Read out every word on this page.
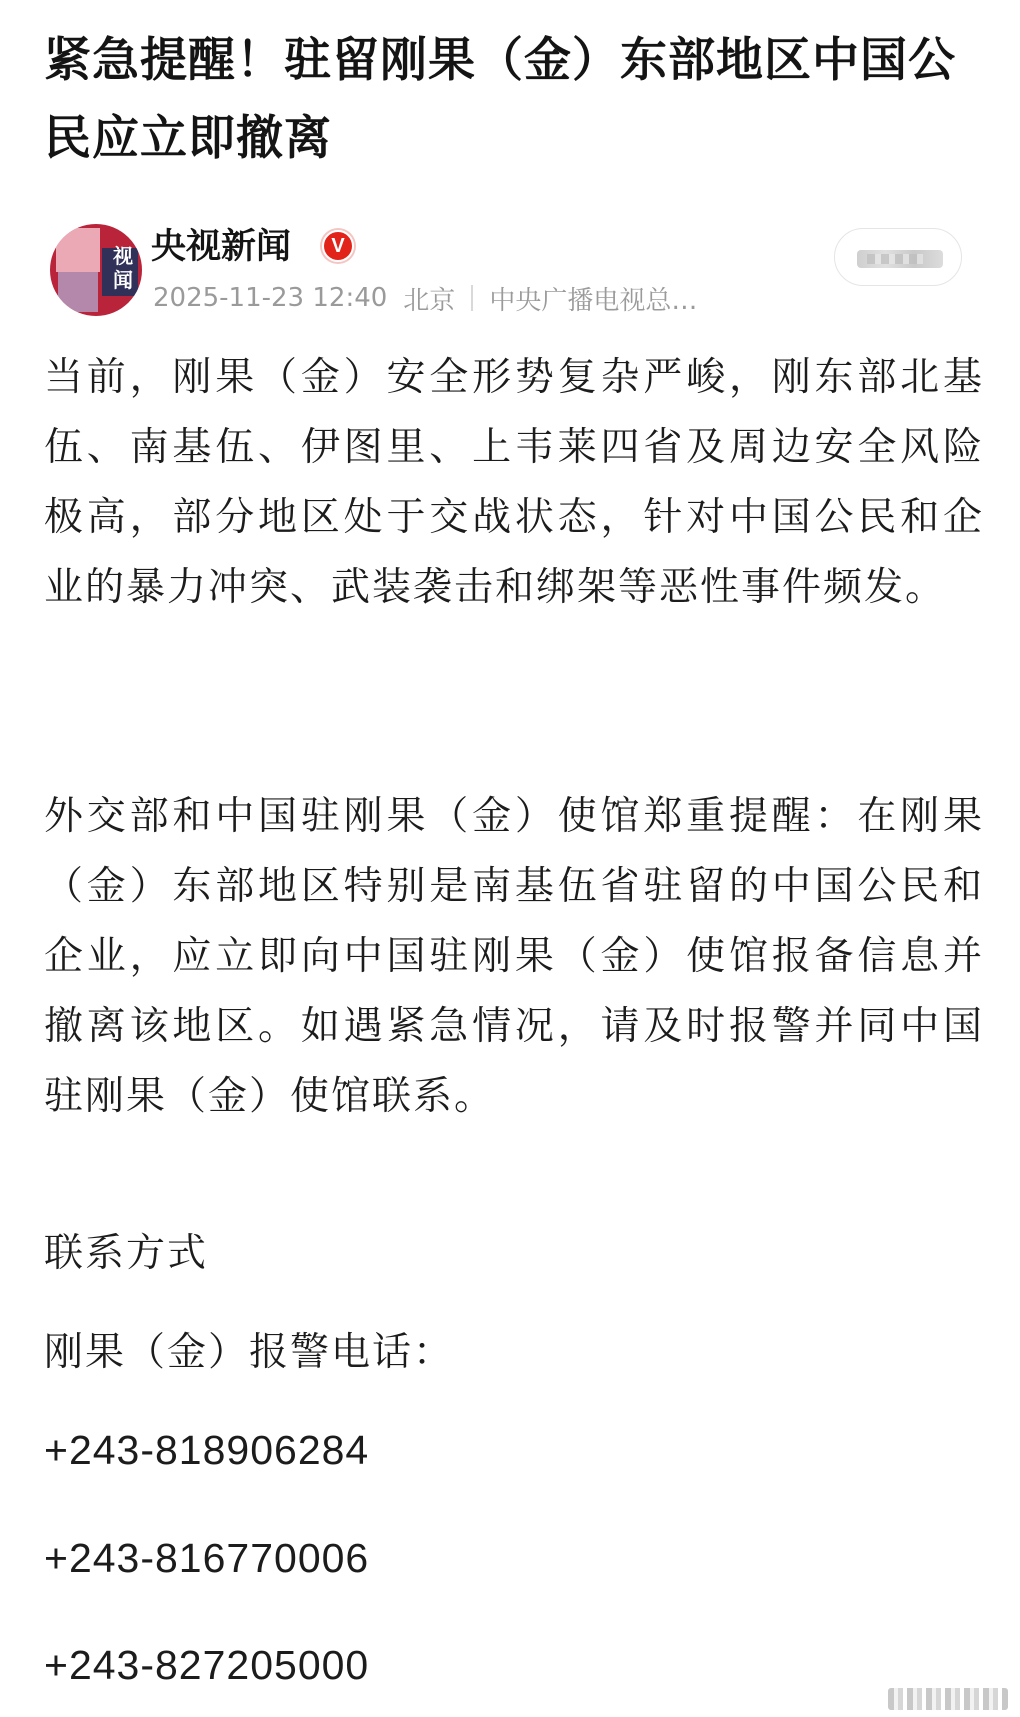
紧急提醒！驻留刚果（金）东部地区中国公民应立即撤离
视闻
央视新闻	V
2025-11-23 12:40 北京 中央广播电视总…

当前，刚果（金）安全形势复杂严峻，刚东部北基伍、南基伍、伊图里、上韦莱四省及周边安全风险极高，部分地区处于交战状态，针对中国公民和企业的暴力冲突、武装袭击和绑架等恶性事件频发。

外交部和中国驻刚果（金）使馆郑重提醒：在刚果（金）东部地区特别是南基伍省驻留的中国公民和企业，应立即向中国驻刚果（金）使馆报备信息并撤离该地区。如遇紧急情况，请及时报警并同中国驻刚果（金）使馆联系。

联系方式

刚果（金）报警电话：

+243-818906284

+243-816770006

+243-827205000
